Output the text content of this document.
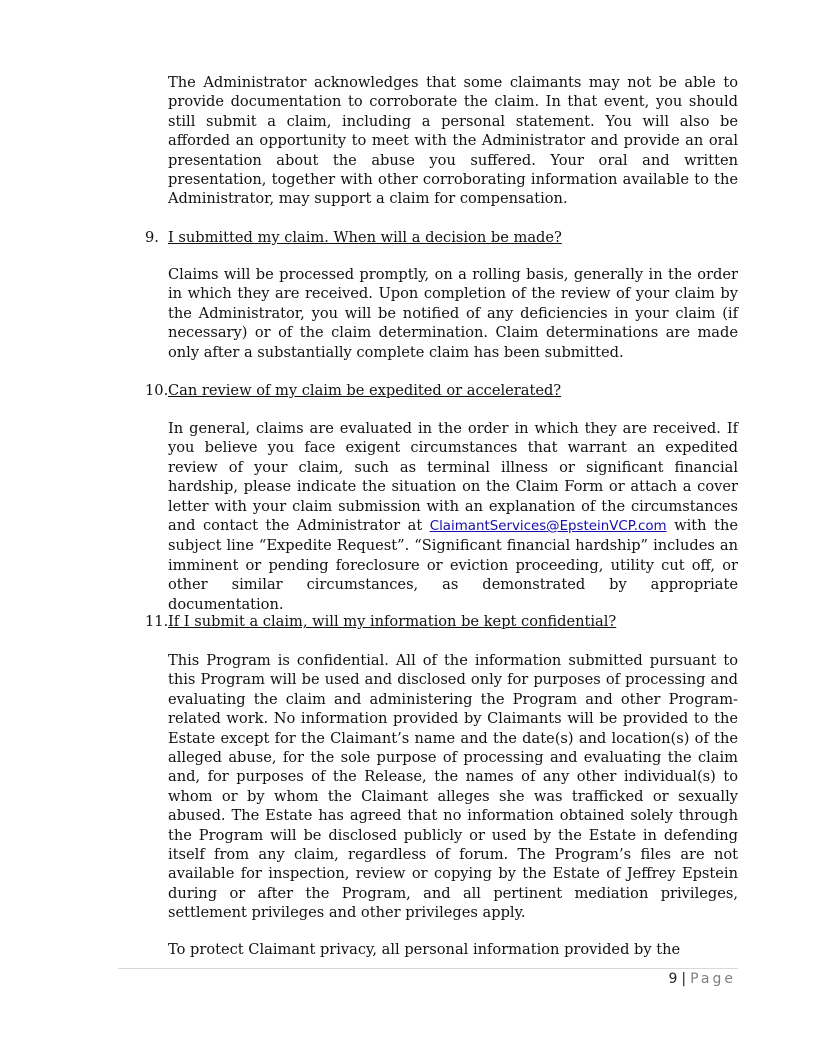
The Administrator acknowledges that some claimants may not be able to provide documentation to corroborate the claim. In that event, you should still submit a claim, including a personal statement. You will also be afforded an opportunity to meet with the Administrator and provide an oral presentation about the abuse you suffered. Your oral and written presentation, together with other corroborating information available to the Administrator, may support a claim for compensation.

9. I submitted my claim. When will a decision be made?

Claims will be processed promptly, on a rolling basis, generally in the order in which they are received. Upon completion of the review of your claim by the Administrator, you will be notified of any deficiencies in your claim (if necessary) or of the claim determination. Claim determinations are made only after a substantially complete claim has been submitted.

10.Can review of my claim be expedited or accelerated?

In general, claims are evaluated in the order in which they are received. If you believe you face exigent circumstances that warrant an expedited review of your claim, such as terminal illness or significant financial hardship, please indicate the situation on the Claim Form or attach a cover letter with your claim submission with an explanation of the circumstances and contact the Administrator at ClaimantServices@EpsteinVCP.com with the subject line “Expedite Request”. “Significant financial hardship” includes an imminent or pending foreclosure or eviction proceeding, utility cut off, or other similar circumstances, as demonstrated by appropriate documentation.

11.If I submit a claim, will my information be kept confidential?

This Program is confidential. All of the information submitted pursuant to this Program will be used and disclosed only for purposes of processing and evaluating the claim and administering the Program and other Program-related work. No information provided by Claimants will be provided to the Estate except for the Claimant’s name and the date(s) and location(s) of the alleged abuse, for the sole purpose of processing and evaluating the claim and, for purposes of the Release, the names of any other individual(s) to whom or by whom the Claimant alleges she was trafficked or sexually abused. The Estate has agreed that no information obtained solely through the Program will be disclosed publicly or used by the Estate in defending itself from any claim, regardless of forum. The Program’s files are not available for inspection, review or copying by the Estate of Jeffrey Epstein during or after the Program, and all pertinent mediation privileges, settlement privileges and other privileges apply.

To protect Claimant privacy, all personal information provided by the

9 | Page
